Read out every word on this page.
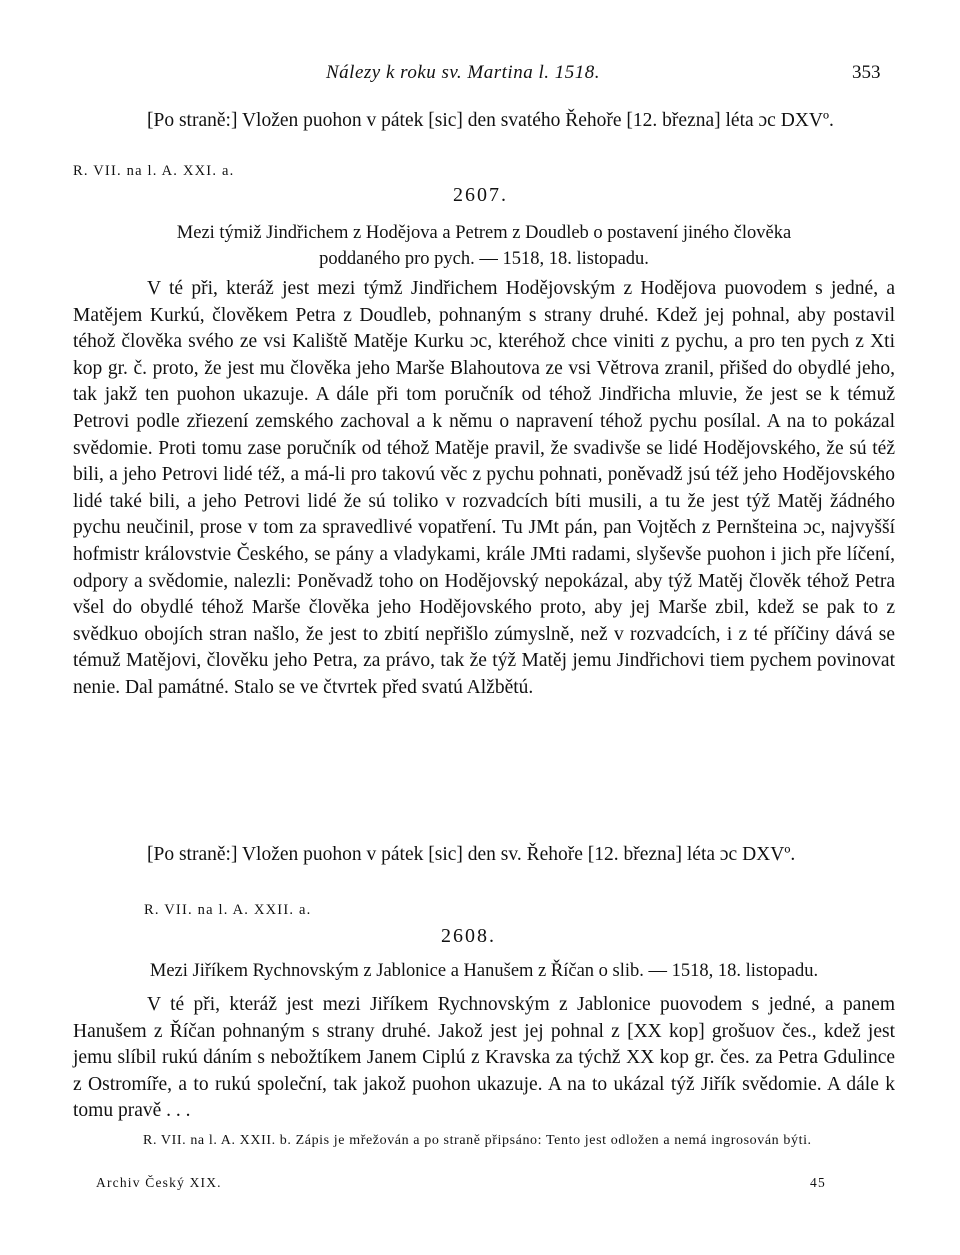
Nálezy k roku sv. Martina l. 1518.	353
[Po straně:] Vložen puohon v pátek [sic] den svatého Řehoře [12. března] léta ɔc DXVº.
R. VII. na l. A. XXI. a.
2607.
Mezi týmiž Jindřichem z Hodějova a Petrem z Doudleb o postavení jiného člověka
poddaného pro pych. — 1518, 18. listopadu.
V té při, kteráž jest mezi týmž Jindřichem Hodějovským z Hodějova puovodem s jedné, a Matějem Kurkú, člověkem Petra z Doudleb, pohnaným s strany druhé. Kdež jej pohnal, aby postavil téhož člověka svého ze vsi Kaliště Matěje Kurku ɔc, kteréhož chce viniti z pychu, a pro ten pych z Xti kop gr. č. proto, že jest mu člověka jeho Marše Blahoutova ze vsi Větrova zranil, přišed do obydlé jeho, tak jakž ten puohon ukazuje. A dále při tom poručník od téhož Jindřicha mluvie, že jest se k témuž Petrovi podle zřiezení zemského zachoval a k němu o napravení téhož pychu posílal. A na to pokázal svědomie. Proti tomu zase poručník od téhož Matěje pravil, že svadivše se lidé Hodějovského, že sú též bili, a jeho Petrovi lidé též, a má-li pro takovú věc z pychu pohnati, poněvadž jsú též jeho Hodějovského lidé také bili, a jeho Petrovi lidé že sú toliko v rozvadcích bíti musili, a tu že jest týž Matěj žádného pychu neučinil, prose v tom za spravedlivé vopatření. Tu JMt pán, pan Vojtěch z Pernšteina ɔc, najvyšší hofmistr královstvie Českého, se pány a vladykami, krále JMti radami, slyševše puohon i jich pře líčení, odpory a svědomie, nalezli: Poněvadž toho on Hodějovský nepokázal, aby týž Matěj člověk téhož Petra všel do obydlé téhož Marše člověka jeho Hodějovského proto, aby jej Marše zbil, kdež se pak to z svědkuo obojích stran našlo, že jest to zbití nepřišlo zúmyslně, než v rozvadcích, i z té příčiny dává se témuž Matějovi, člověku jeho Petra, za právo, tak že týž Matěj jemu Jindřichovi tiem pychem povinovat nenie. Dal památné. Stalo se ve čtvrtek před svatú Alžbětú.
[Po straně:] Vložen puohon v pátek [sic] den sv. Řehoře [12. března] léta ɔc DXVº.
R. VII. na l. A. XXII. a.
2608.
Mezi Jiříkem Rychnovským z Jablonice a Hanušem z Říčan o slib. — 1518, 18. listopadu.
V té při, kteráž jest mezi Jiříkem Rychnovským z Jablonice puovodem s jedné, a panem Hanušem z Říčan pohnaným s strany druhé. Jakož jest jej pohnal z [XX kop] grošuov čes., kdež jest jemu slíbil rukú dáním s nebožtíkem Janem Ciplú z Kravska za týchž XX kop gr. čes. za Petra Gdulince z Ostromíře, a to rukú společní, tak jakož puohon ukazuje. A na to ukázal týž Jiřík svědomie. A dále k tomu pravě . . .
R. VII. na l. A. XXII. b. Zápis je mřežován a po straně připsáno: Tento jest odložen a nemá ingrosován býti.
Archiv Český XIX.	45
